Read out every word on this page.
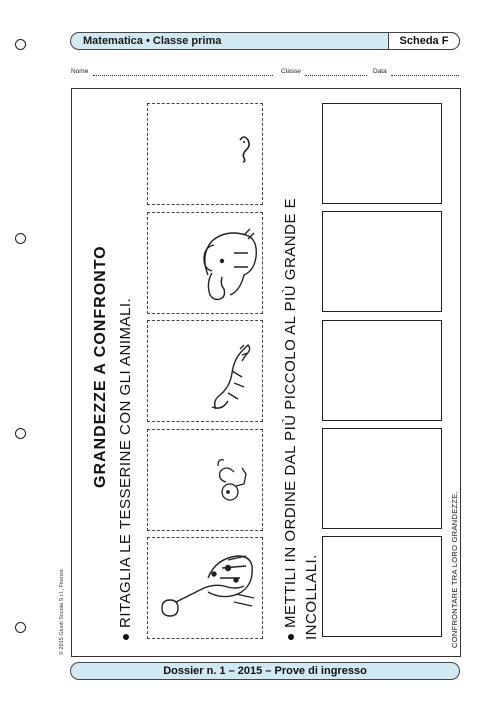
Matematica • Classe prima	Scheda F
Nome	Classe	Data
GRANDEZZE A CONFRONTO RITAGLIA LE TESSERINE CON GLI ANIMALI.	METTILI IN ORDINE DAL PIÙ PICCOLO AL PIÙ GRANDE E INCOLLALI.	CONFRONTARE TRA LORO GRANDEZZE.
© 2015 Giunti Scuola S.r.l., Firenze
Dossier n. 1 – 2015 – Prove di ingresso
